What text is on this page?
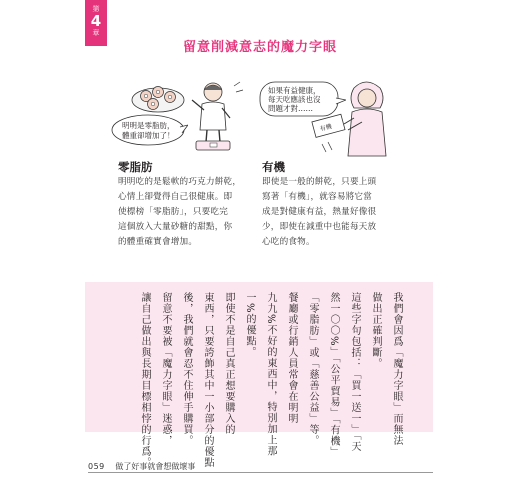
第
4
章
留意削減意志的魔力字眼
明明是零脂肪，
體重卻增加了！
有機
如果有益健康，
每天吃應該也沒
問題才對……
零脂肪
明明吃的是鬆軟的巧克力餅乾，
心情上卻覺得自己很健康。即
使標榜「零脂肪」，只要吃完
這個放入大量砂糖的甜點，你
的體重確實會增加。
有機
即使是一般的餅乾，只要上頭
寫著「有機」，就容易將它當
成是對健康有益，熱量好像很
少，即使在減重中也能每天放
心吃的食物。
我們會因爲「魔力字眼」而無法
做出正確判斷。
這些字句包括：「買一送一」「天
然一〇〇%」「公平貿易」「有機」
「零脂肪」或「慈善公益」等。
餐廳或行銷人員常會在明明
九九%不好的東西中，特別加上那
一%的優點。
即使不是自己真正想要購入的
東西，只要誇飾其中一小部分的優點
後，我們就會忍不住伸手購買。
留意不要被「魔力字眼」迷惑，
讓自己做出與長期目標相悖的行爲。
059 做了好事就會想做壞事
